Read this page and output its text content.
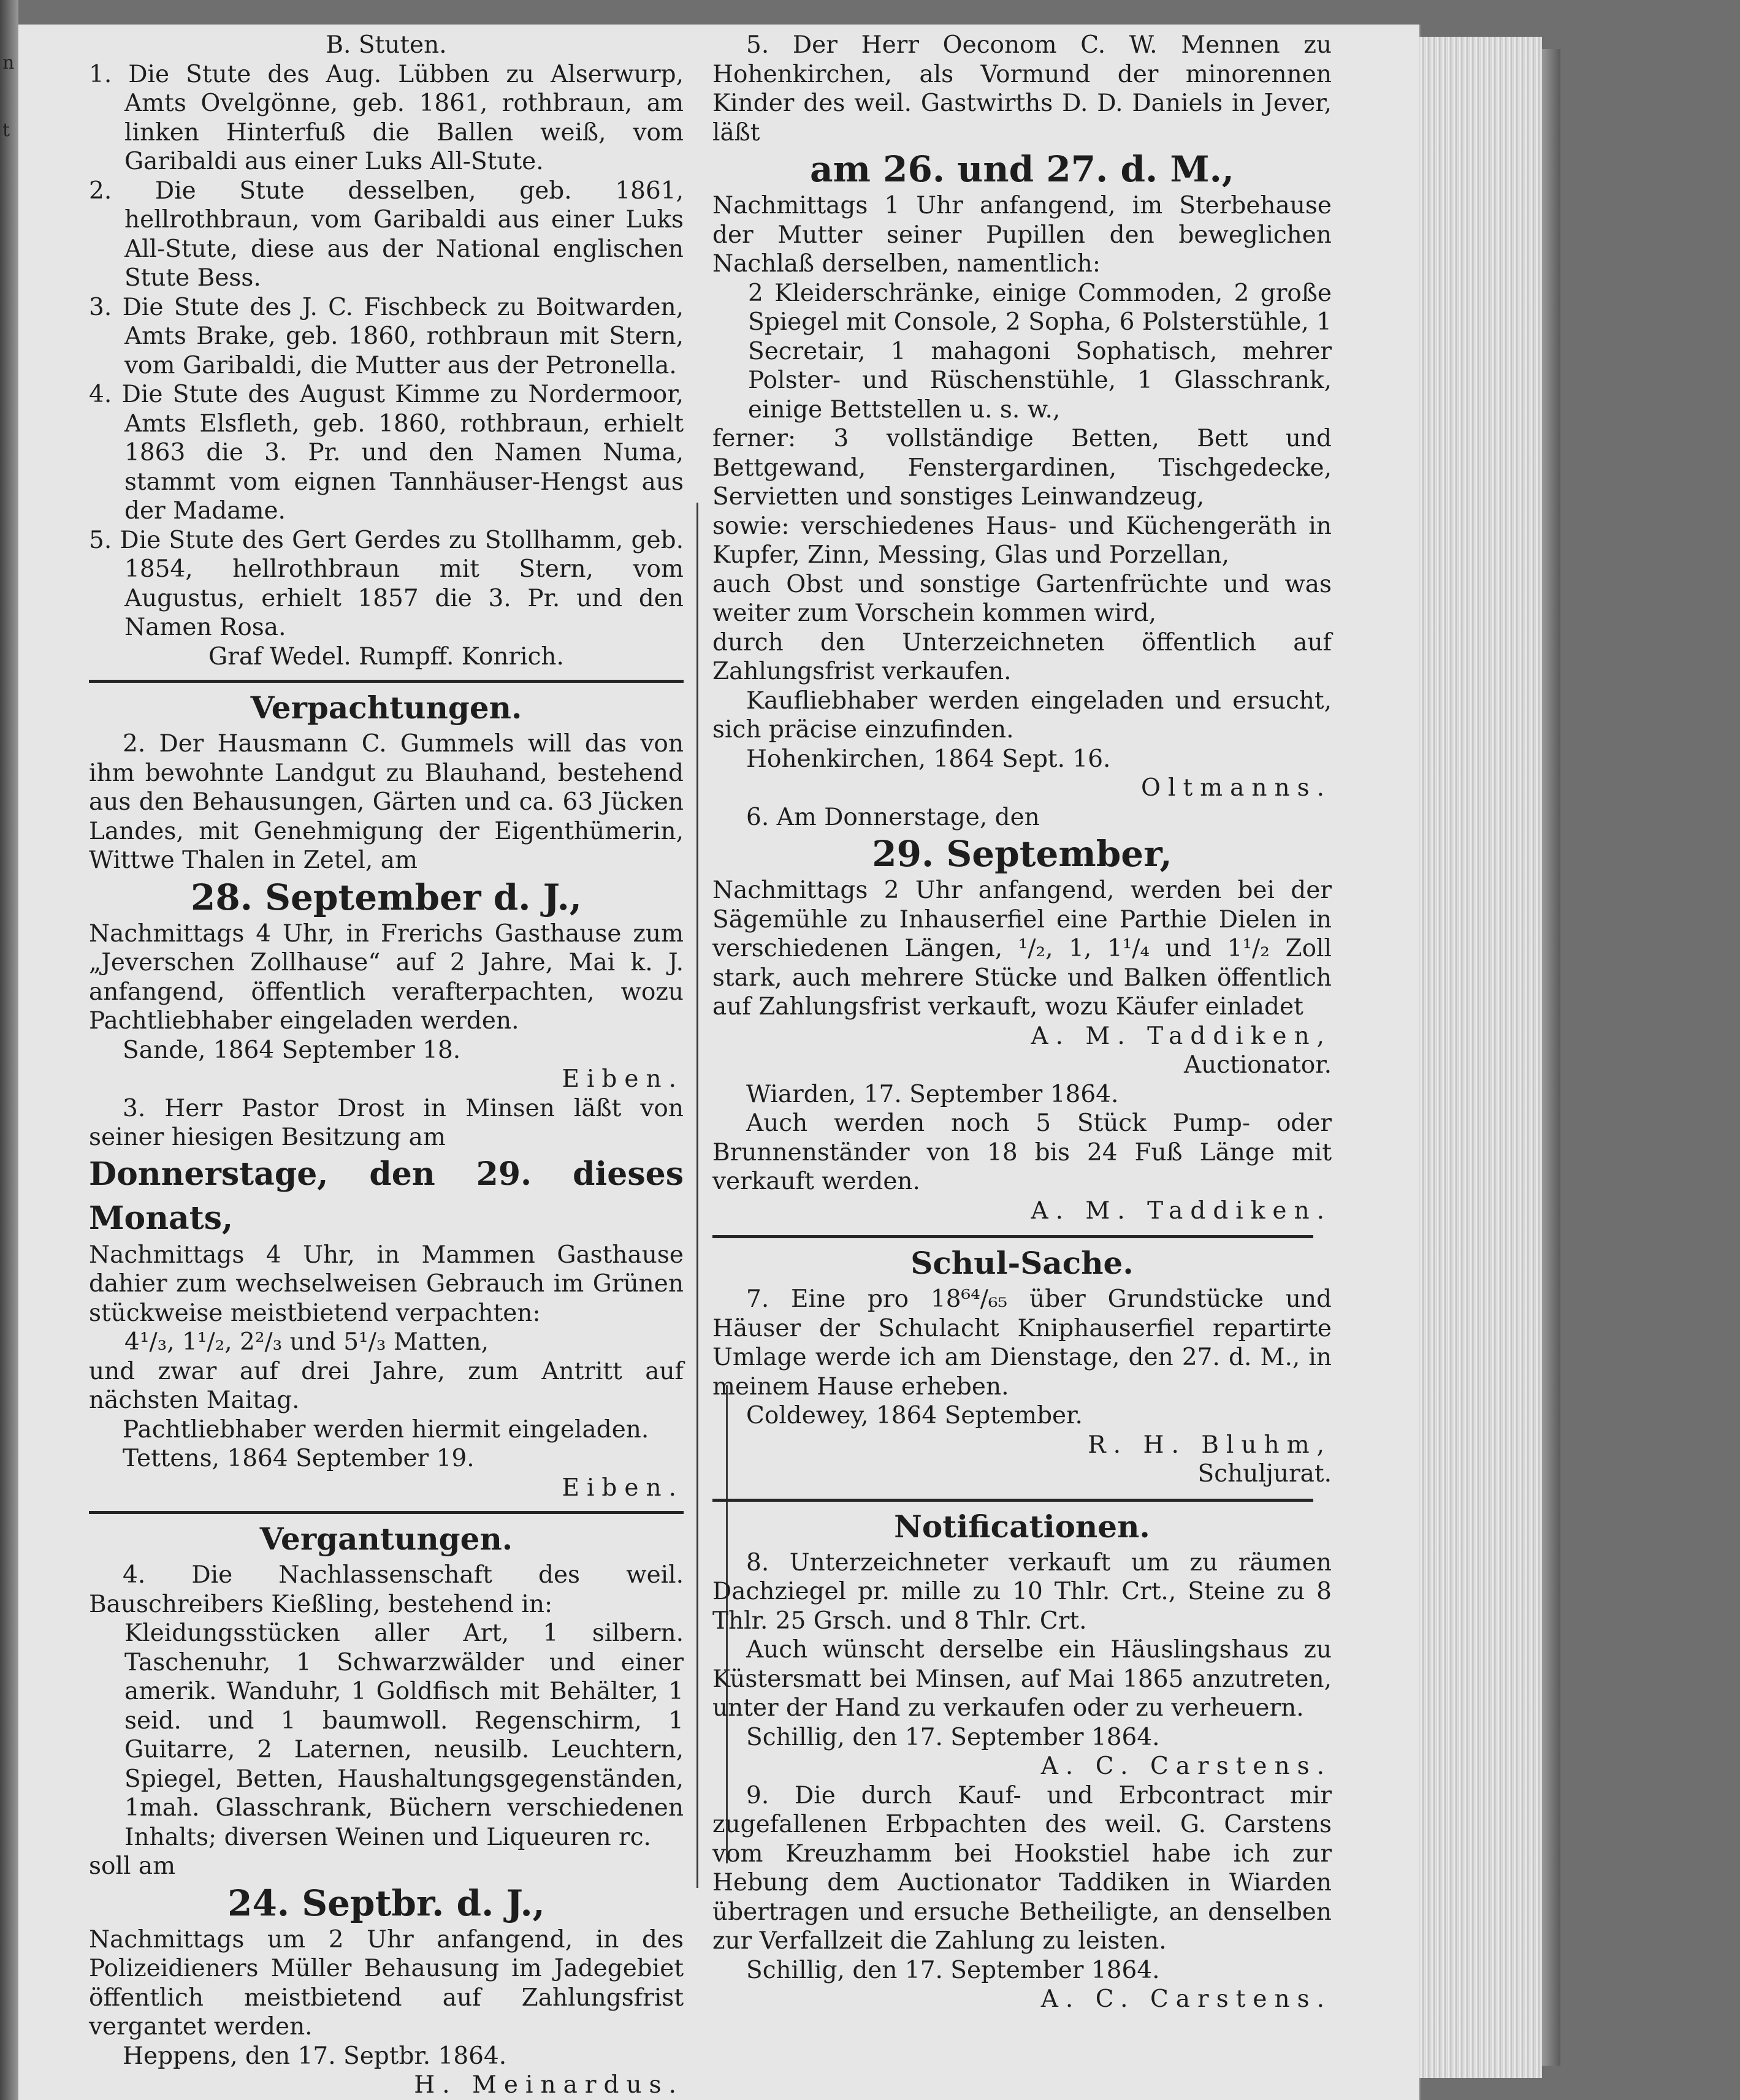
n
t

B. Stuten.

1. Die Stute des Aug. Lübben zu Alserwurp, Amts Ovelgönne, geb. 1861, rothbraun, am linken Hinterfuß die Ballen weiß, vom Garibaldi aus einer Luks All-Stute.

2. Die Stute desselben, geb. 1861, hellrothbraun, vom Garibaldi aus einer Luks All-Stute, diese aus der National englischen Stute Bess.

3. Die Stute des J. C. Fischbeck zu Boitwarden, Amts Brake, geb. 1860, rothbraun mit Stern, vom Garibaldi, die Mutter aus der Petronella.

4. Die Stute des August Kimme zu Nordermoor, Amts Elsfleth, geb. 1860, rothbraun, erhielt 1863 die 3. Pr. und den Namen Numa, stammt vom eignen Tannhäuser-Hengst aus der Madame.

5. Die Stute des Gert Gerdes zu Stollhamm, geb. 1854, hellrothbraun mit Stern, vom Augustus, erhielt 1857 die 3. Pr. und den Namen Rosa.

Graf Wedel. Rumpff. Konrich.

Verpachtungen.

2. Der Hausmann C. Gummels will das von ihm bewohnte Landgut zu Blauhand, bestehend aus den Behausungen, Gärten und ca. 63 Jücken Landes, mit Genehmigung der Eigenthümerin, Wittwe Thalen in Zetel, am

28. September d. J.,

Nachmittags 4 Uhr, in Frerichs Gasthause zum „Jeverschen Zollhause“ auf 2 Jahre, Mai k. J. anfangend, öffentlich verafterpachten, wozu Pachtliebhaber eingeladen werden.

Sande, 1864 September 18.

Eiben.

3. Herr Pastor Drost in Minsen läßt von seiner hiesigen Besitzung am

Donnerstage, den 29. dieses Monats,

Nachmittags 4 Uhr, in Mammen Gasthause dahier zum wechselweisen Gebrauch im Grünen stückweise meistbietend verpachten:

4¹/₃, 1¹/₂, 2²/₃ und 5¹/₃ Matten,

und zwar auf drei Jahre, zum Antritt auf nächsten Maitag.

Pachtliebhaber werden hiermit eingeladen.

Tettens, 1864 September 19.

Eiben.

Vergantungen.

4. Die Nachlassenschaft des weil. Bauschreibers Kießling, bestehend in:

Kleidungsstücken aller Art, 1 silbern. Taschenuhr, 1 Schwarzwälder und einer amerik. Wanduhr, 1 Goldfisch mit Behälter, 1 seid. und 1 baumwoll. Regenschirm, 1 Guitarre, 2 Laternen, neusilb. Leuchtern, Spiegel, Betten, Haushaltungsgegenständen, 1mah. Glasschrank, Büchern verschiedenen Inhalts; diversen Weinen und Liqueuren rc.

soll am

24. Septbr. d. J.,

Nachmittags um 2 Uhr anfangend, in des Polizeidieners Müller Behausung im Jadegebiet öffentlich meistbietend auf Zahlungsfrist vergantet werden.

Heppens, den 17. Septbr. 1864.

H. Meinardus.

5. Der Herr Oeconom C. W. Mennen zu Hohenkirchen, als Vormund der minorennen Kinder des weil. Gastwirths D. D. Daniels in Jever, läßt

am 26. und 27. d. M.,

Nachmittags 1 Uhr anfangend, im Sterbehause der Mutter seiner Pupillen den beweglichen Nachlaß derselben, namentlich:

2 Kleiderschränke, einige Commoden, 2 große Spiegel mit Console, 2 Sopha, 6 Polsterstühle, 1 Secretair, 1 mahagoni Sophatisch, mehrer Polster- und Rüschenstühle, 1 Glasschrank, einige Bettstellen u. s. w.,

ferner: 3 vollständige Betten, Bett und Bettgewand, Fenstergardinen, Tischgedecke, Servietten und sonstiges Leinwandzeug,

sowie: verschiedenes Haus- und Küchengeräth in Kupfer, Zinn, Messing, Glas und Porzellan,

auch Obst und sonstige Gartenfrüchte und was weiter zum Vorschein kommen wird,

durch den Unterzeichneten öffentlich auf Zahlungsfrist verkaufen.

Kaufliebhaber werden eingeladen und ersucht, sich präcise einzufinden.

Hohenkirchen, 1864 Sept. 16.

Oltmanns.

6. Am Donnerstage, den

29. September,

Nachmittags 2 Uhr anfangend, werden bei der Sägemühle zu Inhauserfiel eine Parthie Dielen in verschiedenen Längen, ¹/₂, 1, 1¹/₄ und 1¹/₂ Zoll stark, auch mehrere Stücke und Balken öffentlich auf Zahlungsfrist verkauft, wozu Käufer einladet

A. M. Taddiken,

Auctionator.

Wiarden, 17. September 1864.

Auch werden noch 5 Stück Pump- oder Brunnenständer von 18 bis 24 Fuß Länge mit verkauft werden.

A. M. Taddiken.

Schul-Sache.

7. Eine pro 18⁶⁴/₆₅ über Grundstücke und Häuser der Schulacht Kniphauserfiel repartirte Umlage werde ich am Dienstage, den 27. d. M., in meinem Hause erheben.

Coldewey, 1864 September.

R. H. Bluhm,

Schuljurat.

Notificationen.

8. Unterzeichneter verkauft um zu räumen Dachziegel pr. mille zu 10 Thlr. Crt., Steine zu 8 Thlr. 25 Grsch. und 8 Thlr. Crt.

Auch wünscht derselbe ein Häuslingshaus zu Küstersmatt bei Minsen, auf Mai 1865 anzutreten, unter der Hand zu verkaufen oder zu verheuern.

Schillig, den 17. September 1864.

A. C. Carstens.

9. Die durch Kauf- und Erbcontract mir zugefallenen Erbpachten des weil. G. Carstens vom Kreuzhamm bei Hookstiel habe ich zur Hebung dem Auctionator Taddiken in Wiarden übertragen und ersuche Betheiligte, an denselben zur Verfallzeit die Zahlung zu leisten.

Schillig, den 17. September 1864.

A. C. Carstens.
